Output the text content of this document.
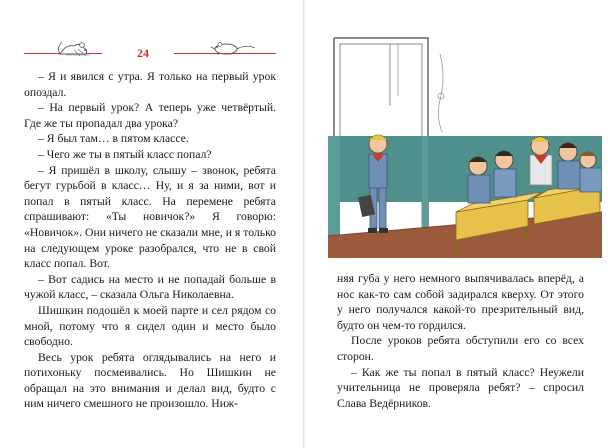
24

– Я и явился с утра. Я только на первый урок опоздал.

– На первый урок? А теперь уже четвёртый. Где же ты пропадал два урока?

– Я был там… в пятом классе.

– Чего же ты в пятый класс попал?

– Я пришёл в школу, слышу – звонок, ребята бегут гурьбой в класс… Ну, и я за ними, вот и попал в пятый класс. На перемене ребята спрашивают: «Ты новичок?» Я говорю: «Новичок». Они ничего не сказали мне, и я только на следующем уроке разобрался, что не в свой класс попал. Вот.

– Вот садись на место и не попадай больше в чужой класс, – сказала Ольга Николаевна.

Шишкин подошёл к моей парте и сел рядом со мной, потому что я сидел один и место было свободно.

Весь урок ребята оглядывались на него и потихоньку посмеивались. Но Шишкин не обращал на это внимания и делал вид, будто с ним ничего смешного не произошло. Ниж-

няя губа у него немного выпячивалась вперёд, а нос как-то сам собой задирался кверху. От этого у него получался какой-то презрительный вид, будто он чем-то гордился.

После уроков ребята обступили его со всех сторон.

– Как же ты попал в пятый класс? Неужели учительница не проверяла ребят? – спросил Слава Ведёрников.
